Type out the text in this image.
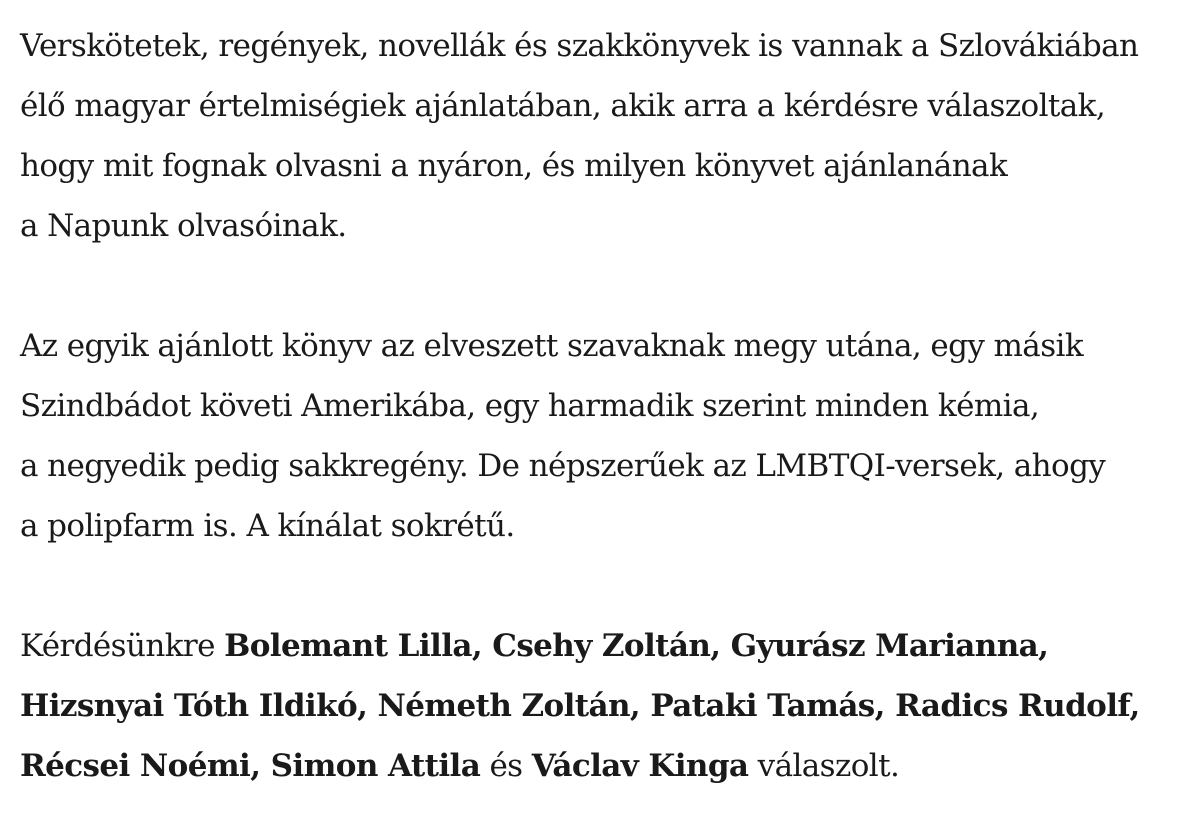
Verskötetek, regények, novellák és szakkönyvek is vannak a Szlovákiában
élő magyar értelmiségiek ajánlatában, akik arra a kérdésre válaszoltak,
hogy mit fognak olvasni a nyáron, és milyen könyvet ajánlanának
a Napunk olvasóinak.

Az egyik ajánlott könyv az elveszett szavaknak megy utána, egy másik
Szindbádot követi Amerikába, egy harmadik szerint minden kémia,
a negyedik pedig sakkregény. De népszerűek az LMBTQI-versek, ahogy
a polipfarm is. A kínálat sokrétű.

Kérdésünkre Bolemant Lilla, Csehy Zoltán, Gyurász Marianna,
Hizsnyai Tóth Ildikó, Németh Zoltán, Pataki Tamás, Radics Rudolf,
Récsei Noémi, Simon Attila és Václav Kinga válaszolt.
